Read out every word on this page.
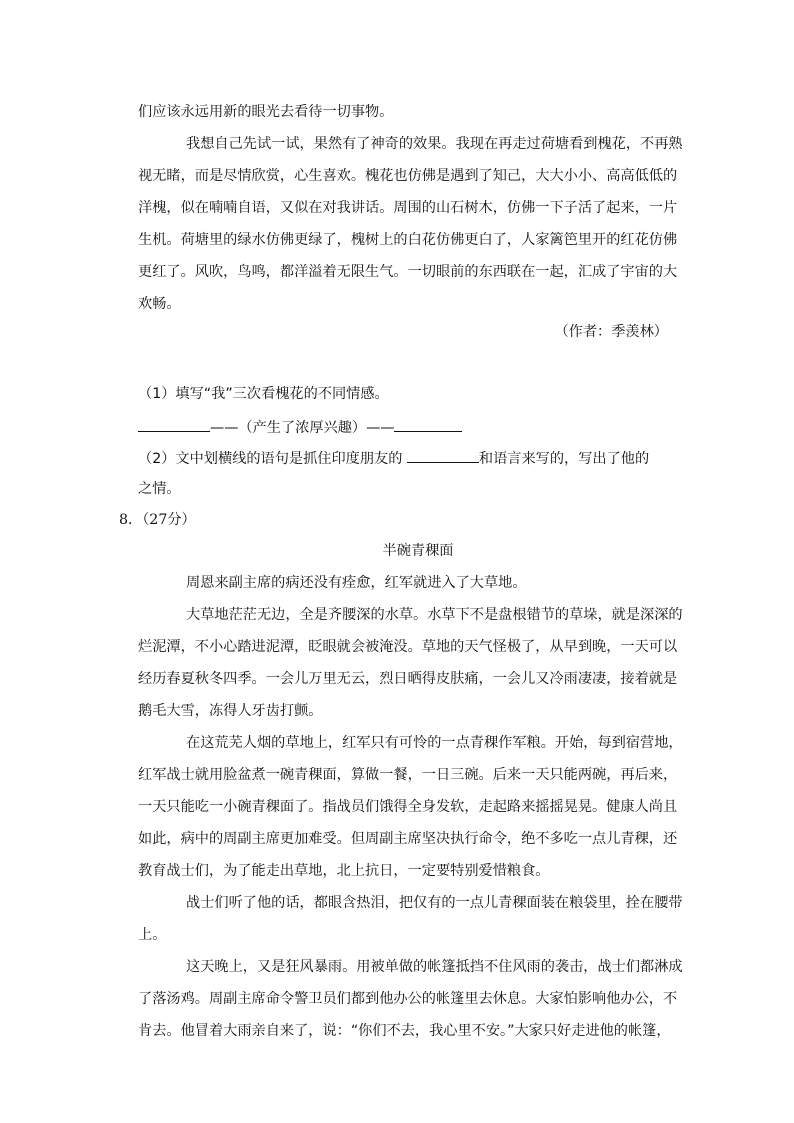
们应该永远用新的眼光去看待一切事物。
我想自己先试一试，果然有了神奇的效果。我现在再走过荷塘看到槐花，不再熟
视无睹，而是尽情欣赏，心生喜欢。槐花也仿佛是遇到了知己，大大小小、高高低低的
洋槐，似在喃喃自语，又似在对我讲话。周围的山石树木，仿佛一下子活了起来，一片
生机。荷塘里的绿水仿佛更绿了，槐树上的白花仿佛更白了，人家篱笆里开的红花仿佛
更红了。风吹，鸟鸣，都洋溢着无限生气。一切眼前的东西联在一起，汇成了宇宙的大
欢畅。
（作者：季羡林）
（1）填写“我”三次看槐花的不同情感。
——（产生了浓厚兴趣）——
（2）文中划横线的语句是抓住印度朋友的	和语言来写的，写出了他的
之情。
8．（27分）
半碗青稞面
周恩来副主席的病还没有痊愈，红军就进入了大草地。
大草地茫茫无边，全是齐腰深的水草。水草下不是盘根错节的草垛，就是深深的
烂泥潭，不小心踏进泥潭，眨眼就会被淹没。草地的天气怪极了，从早到晚，一天可以
经历春夏秋冬四季。一会儿万里无云，烈日晒得皮肤痛，一会儿又冷雨凄凄，接着就是
鹅毛大雪，冻得人牙齿打颤。
在这荒芜人烟的草地上，红军只有可怜的一点青稞作军粮。开始，每到宿营地，
红军战士就用脸盆煮一碗青稞面，算做一餐，一日三碗。后来一天只能两碗，再后来，
一天只能吃一小碗青稞面了。指战员们饿得全身发软，走起路来摇摇晃晃。健康人尚且
如此，病中的周副主席更加难受。但周副主席坚决执行命令，绝不多吃一点儿青稞，还
教育战士们，为了能走出草地，北上抗日，一定要特别爱惜粮食。
战士们听了他的话，都眼含热泪，把仅有的一点儿青稞面装在粮袋里，拴在腰带
上。
这天晚上，又是狂风暴雨。用被单做的帐篷抵挡不住风雨的袭击，战士们都淋成
了落汤鸡。周副主席命令警卫员们都到他办公的帐篷里去休息。大家怕影响他办公，不
肯去。他冒着大雨亲自来了，说：“你们不去，我心里不安。”大家只好走进他的帐篷，
